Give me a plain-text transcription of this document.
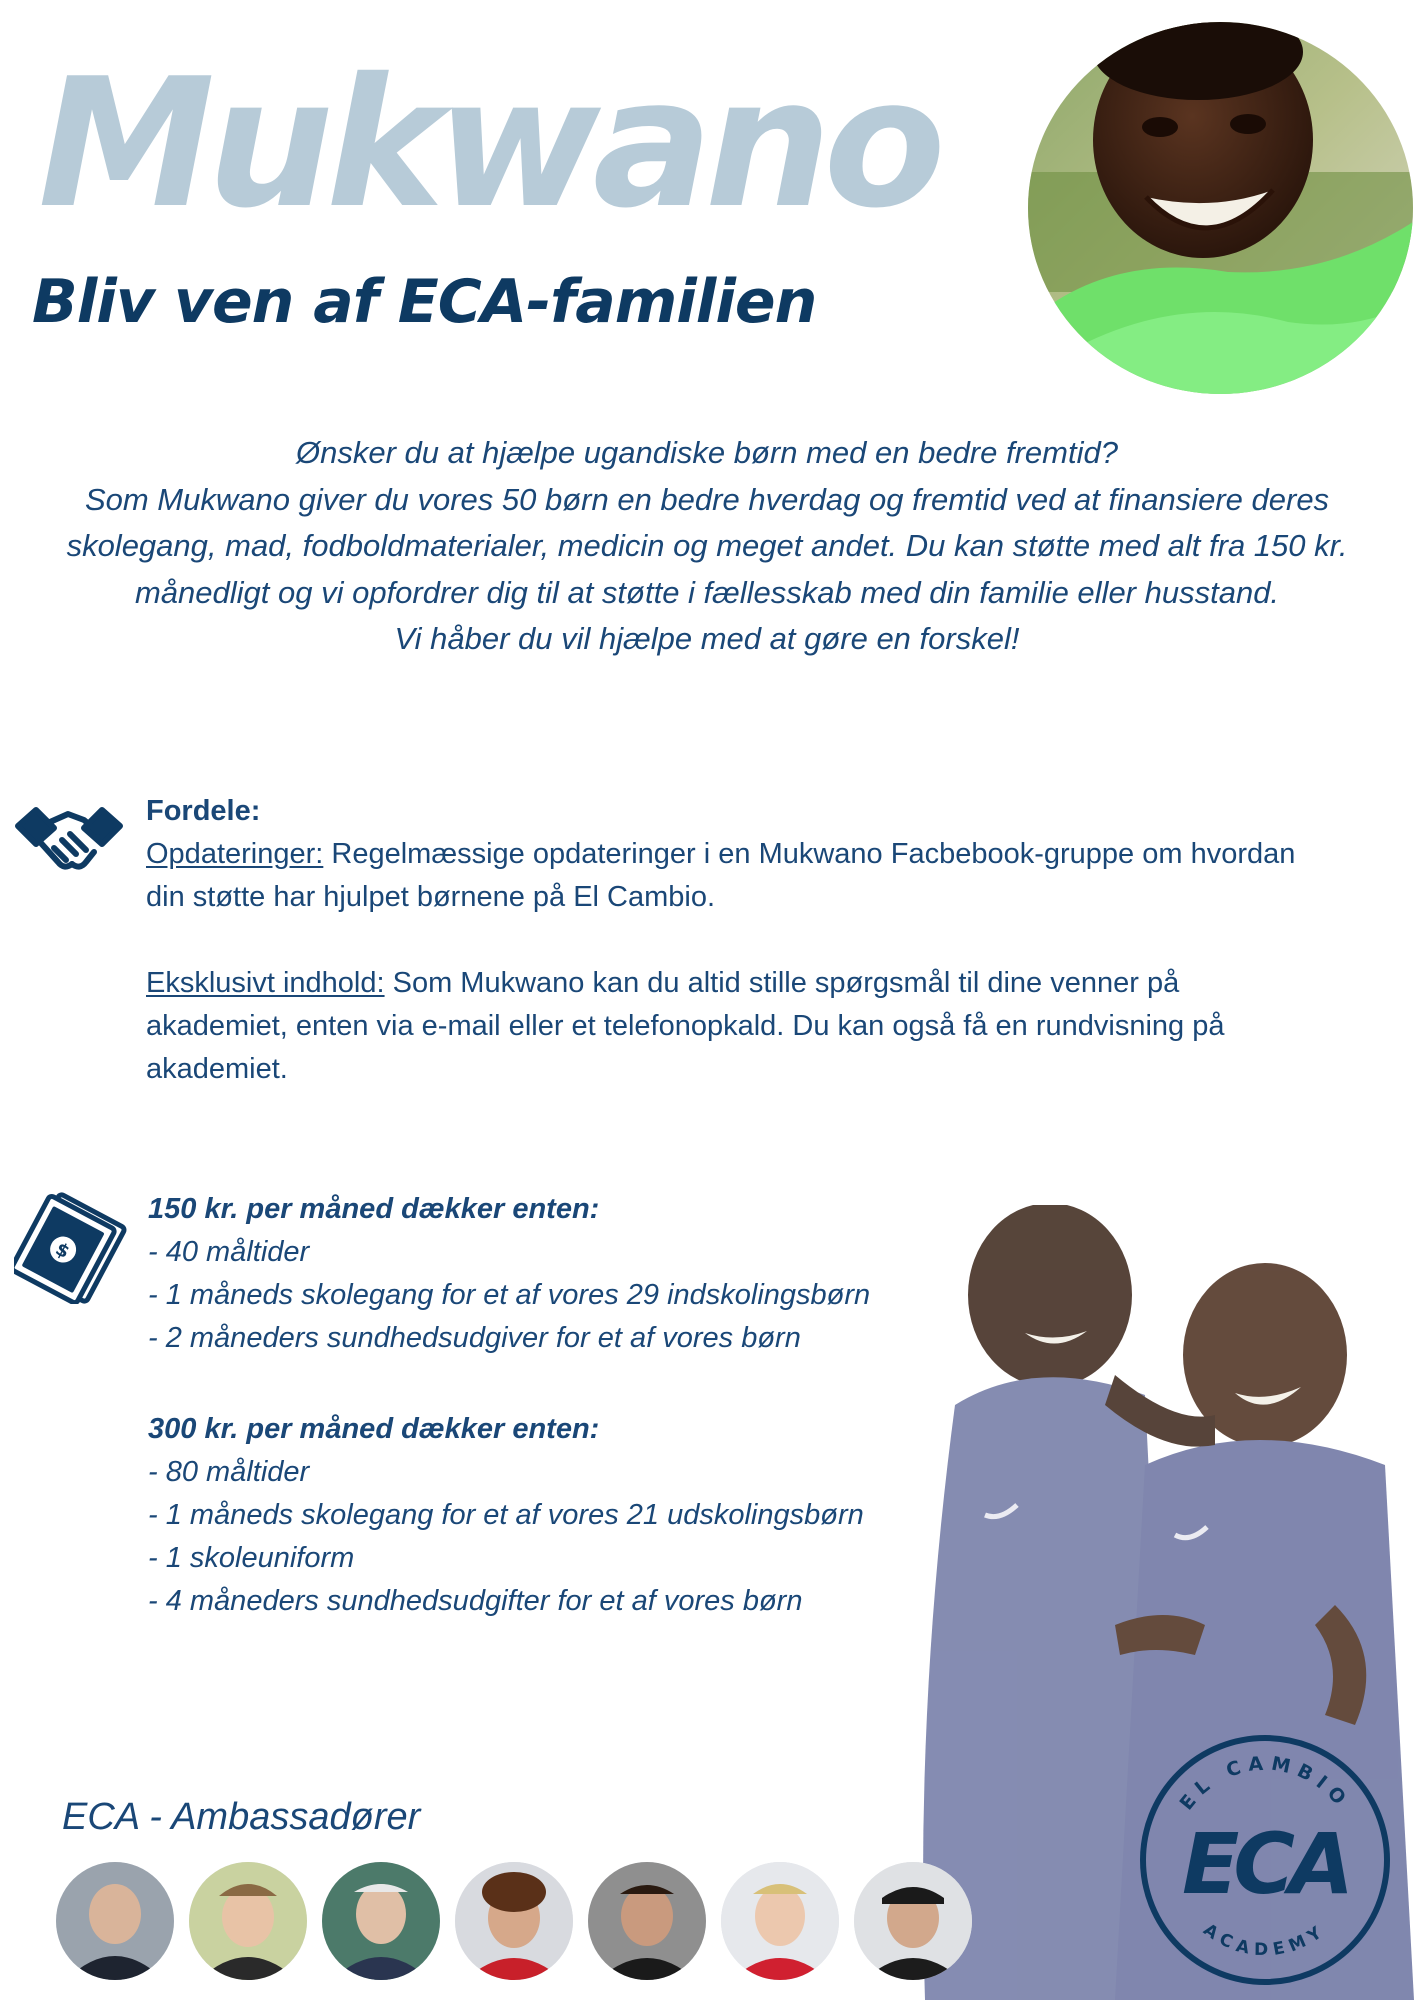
Mukwano
Bliv ven af ECA-familien

Ønsker du at hjælpe ugandiske børn med en bedre fremtid?

Som Mukwano giver du vores 50 børn en bedre hverdag og fremtid ved at finansiere deres skolegang, mad, fodboldmaterialer, medicin og meget andet. Du kan støtte med alt fra 150 kr. månedligt og vi opfordrer dig til at støtte i fællesskab med din familie eller husstand.

Vi håber du vil hjælpe med at gøre en forskel!

Fordele:
Opdateringer: Regelmæssige opdateringer i en Mukwano Facbebook-gruppe om hvordan din støtte har hjulpet børnene på El Cambio.
Eksklusivt indhold: Som Mukwano kan du altid stille spørgsmål til dine venner på akademiet, enten via e-mail eller et telefonopkald. Du kan også få en rundvisning på akademiet.
$
150 kr. per måned dækker enten:
- 40 måltider
- 1 måneds skolegang for et af vores 29 indskolingsbørn
- 2 måneders sundhedsudgiver for et af vores børn
300 kr. per måned dækker enten:
- 80 måltider
- 1 måneds skolegang for et af vores 21 udskolingsbørn
- 1 skoleuniform
- 4 måneders sundhedsudgifter for et af vores børn
EL CAMBIO
ECA
ACADEMY
ECA - Ambassadører
